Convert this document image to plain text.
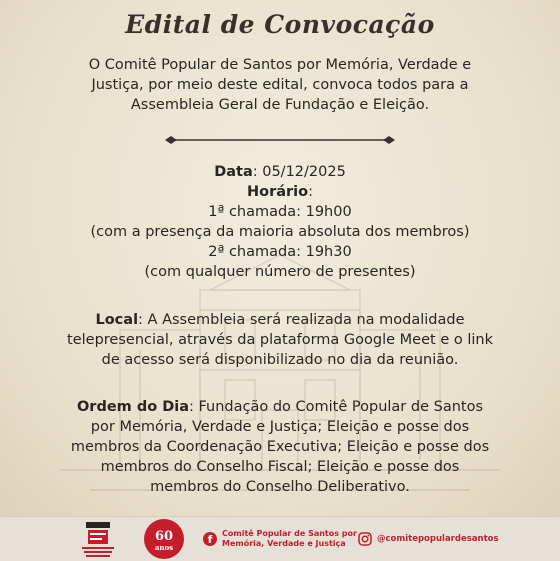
Edital de Convocação
O Comitê Popular de Santos por Memória, Verdade e
Justiça, por meio deste edital, convoca todos para a
Assembleia Geral de Fundação e Eleição.
Data: 05/12/2025
Horário:
1ª chamada: 19h00
(com a presença da maioria absoluta dos membros)
2ª chamada: 19h30
(com qualquer número de presentes)
Local: A Assembleia será realizada na modalidade
telepresencial, através da plataforma Google Meet e o link
de acesso será disponibilizado no dia da reunião.
Ordem do Dia: Fundação do Comitê Popular de Santos
por Memória, Verdade e Justiça; Eleição e posse dos
membros da Coordenação Executiva; Eleição e posse dos
membros do Conselho Fiscal; Eleição e posse dos
membros do Conselho Deliberativo.
60
anos
f	Comitê Popular de Santos por
Memória, Verdade e Justiça	@comitepopulardesantos
